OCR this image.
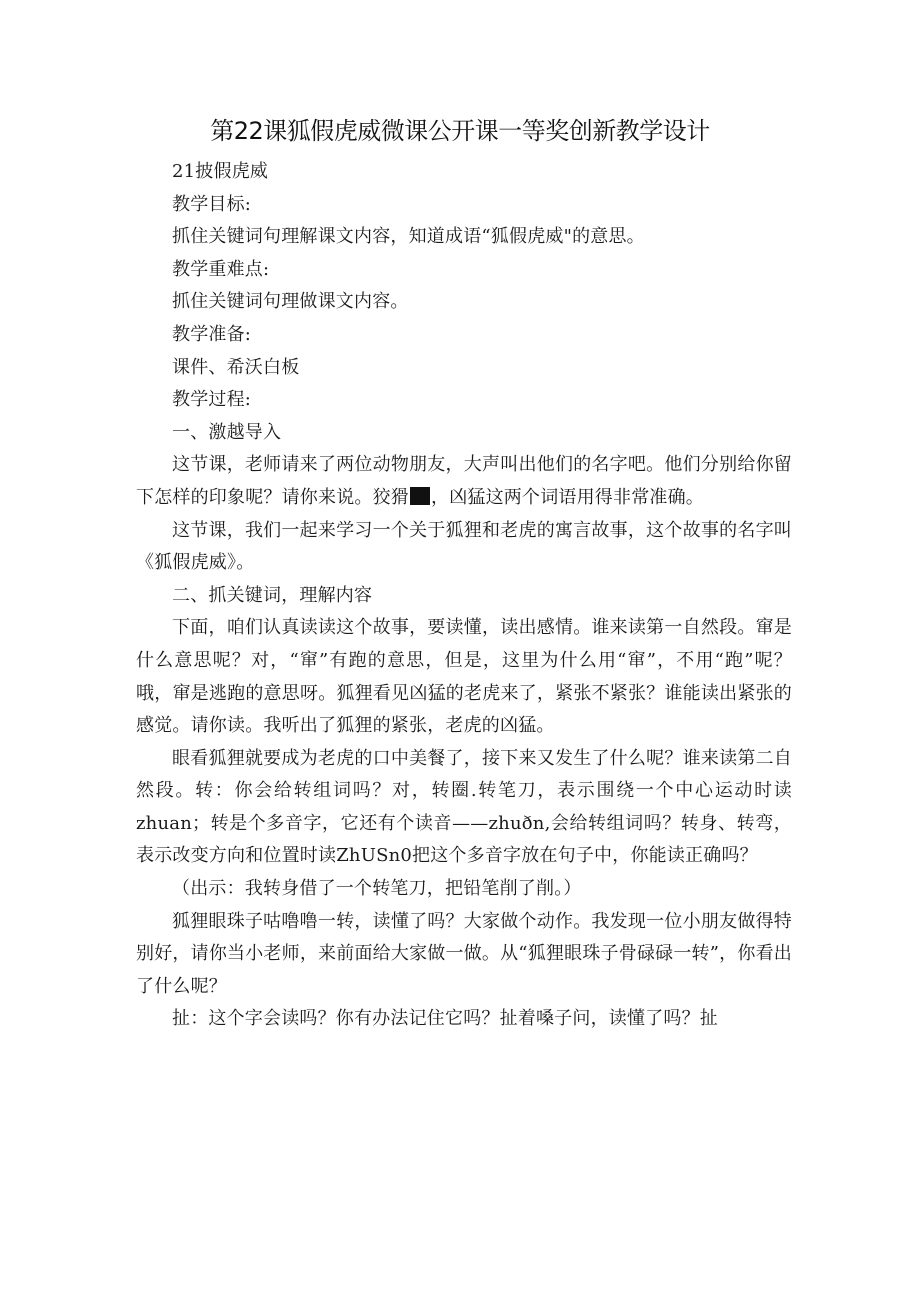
第22课狐假虎威微课公开课一等奖创新教学设计

21披假虎威

教学目标:

抓住关键词句理解课文内容，知道成语“狐假虎威"的意思。

教学重难点:

抓住关键词句理做课文内容。

教学准备:

课件、希沃白板

教学过程:

一、激越导入

这节课，老师请来了两位动物朋友，大声叫出他们的名字吧。他们分别给你留下怎样的印象呢？请你来说。狡猾 ，凶猛这两个词语用得非常准确。

这节课，我们一起来学习一个关于狐狸和老虎的寓言故事，这个故事的名字叫《狐假虎威》。

二、抓关键词，理解内容

下面，咱们认真读读这个故事，要读懂，读出感情。谁来读第一自然段。窜是什么意思呢？对，“窜”有跑的意思，但是，这里为什么用“窜”，不用“跑”呢？哦，窜是逃跑的意思呀。狐狸看见凶猛的老虎来了，紧张不紧张？谁能读出紧张的感觉。请你读。我听出了狐狸的紧张，老虎的凶猛。

眼看狐狸就要成为老虎的口中美餐了，接下来又发生了什么呢？谁来读第二自然段。转：你会给转组词吗？对，转圈.转笔刀，表示围绕一个中心运动时读zhuan；转是个多音字，它还有个读音——zhuðn,会给转组词吗？转身、转弯，表示改变方向和位置时读ZhUSn0把这个多音字放在句子中，你能读正确吗？

（出示：我转身借了一个转笔刀，把铅笔削了削。）

狐狸眼珠子咕噜噜一转，读懂了吗？大家做个动作。我发现一位小朋友做得特别好，请你当小老师，来前面给大家做一做。从“狐狸眼珠子骨碌碌一转”，你看出了什么呢？

扯：这个字会读吗？你有办法记住它吗？扯着嗓子问，读懂了吗？扯
